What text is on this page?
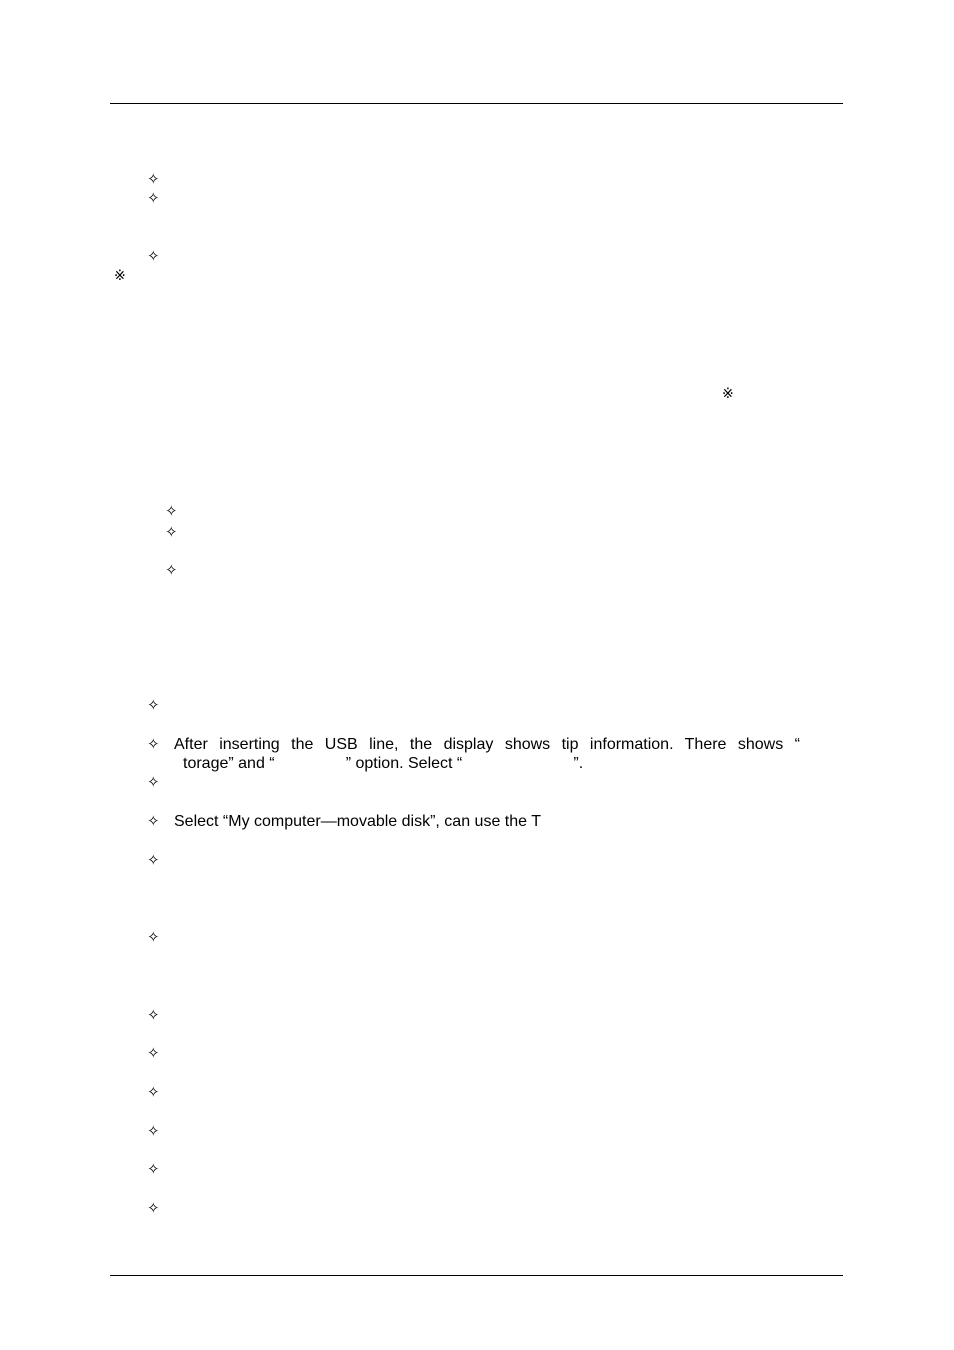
✧
✧
✧
※
※
✧
✧
✧
✧
✧ After inserting the USB line, the display shows tip information. There shows “
torage” and “                ” option. Select “                         ”.
✧
✧ Select “My computer—movable disk”, can use the T
✧
✧
✧
✧
✧
✧
✧
✧
